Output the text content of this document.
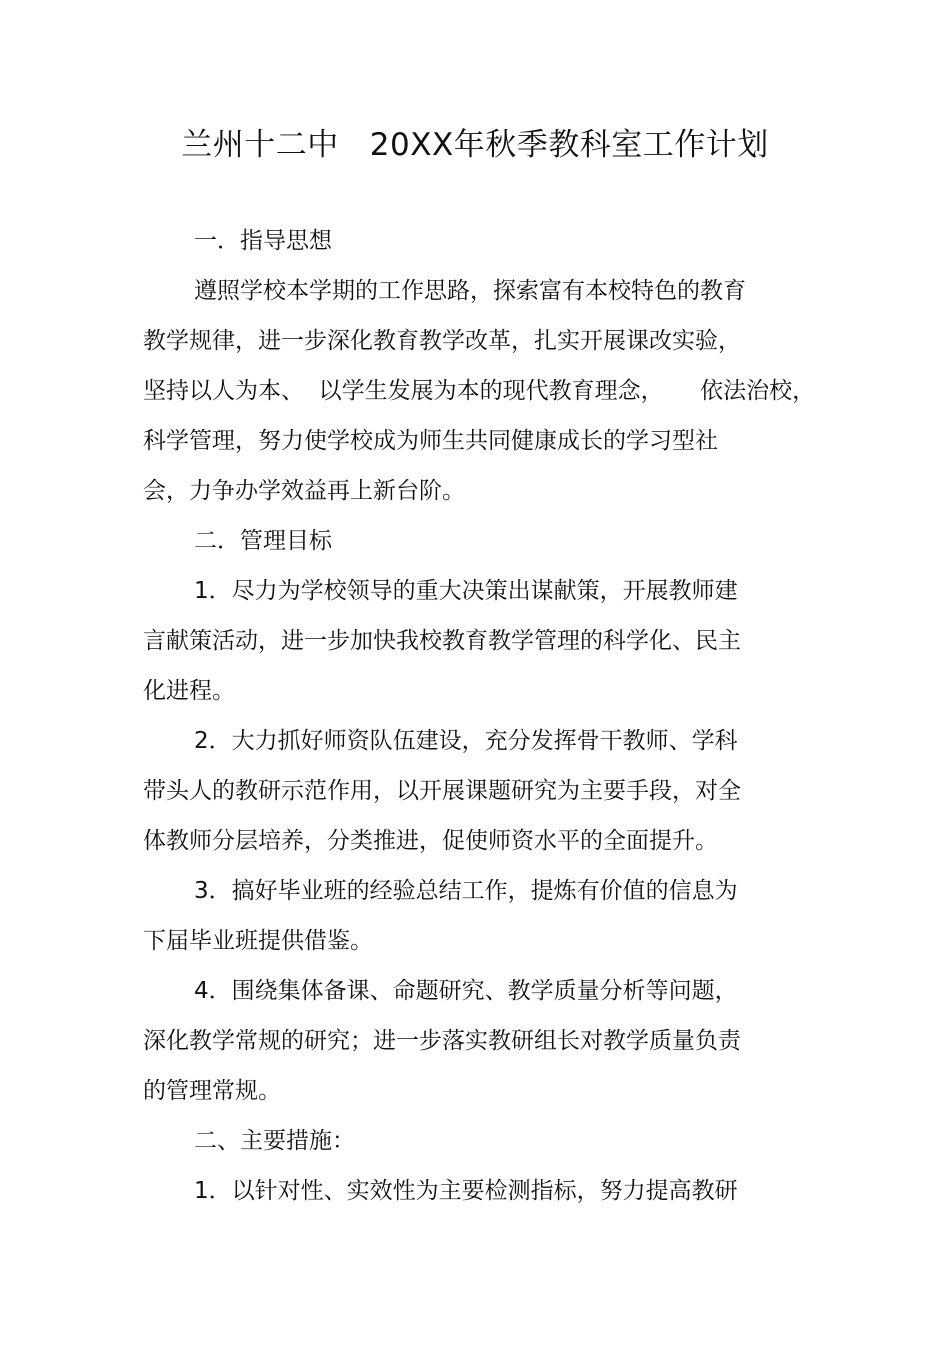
兰州十二中   20XX年秋季教科室工作计划
一．指导思想
遵照学校本学期的工作思路，探索富有本校特色的教育
教学规律，进一步深化教育教学改革，扎实开展课改实验，
坚持以人为本、  以学生发展为本的现代教育理念，     依法治校，
科学管理，努力使学校成为师生共同健康成长的学习型社
会，力争办学效益再上新台阶。
二．管理目标
1．尽力为学校领导的重大决策出谋献策，开展教师建
言献策活动，进一步加快我校教育教学管理的科学化、民主
化进程。
2．大力抓好师资队伍建设，充分发挥骨干教师、学科
带头人的教研示范作用，以开展课题研究为主要手段，对全
体教师分层培养，分类推进，促使师资水平的全面提升。
3．搞好毕业班的经验总结工作，提炼有价值的信息为
下届毕业班提供借鉴。
4．围绕集体备课、命题研究、教学质量分析等问题，
深化教学常规的研究；进一步落实教研组长对教学质量负责
的管理常规。
二、主要措施：
1．以针对性、实效性为主要检测指标，努力提高教研
